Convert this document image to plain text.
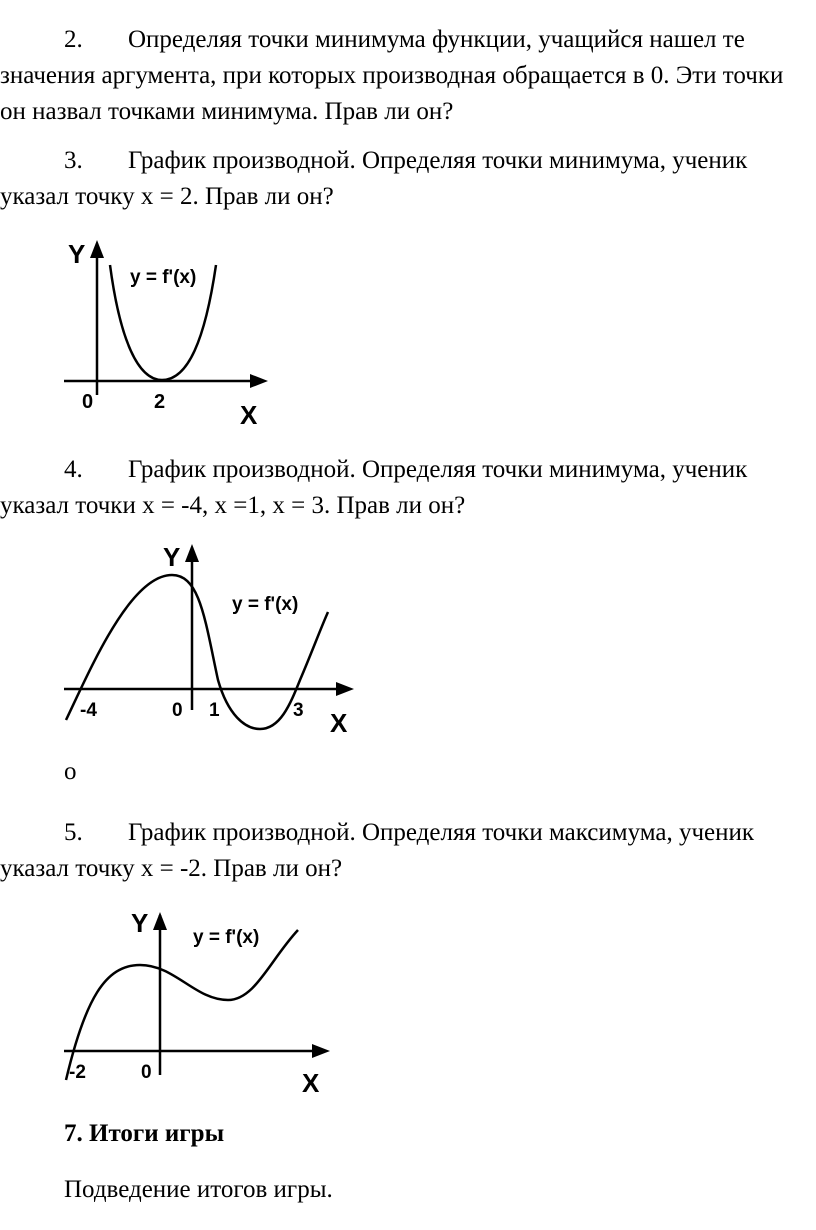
2. Определяя точки минимума функции, учащийся нашел те
значения аргумента, при которых производная обращается в 0. Эти точки
он назвал точками минимума. Прав ли он?
3. График производной. Определяя точки минимума, ученик
указал точку х = 2. Прав ли он?
Y
X
0	2
y = f'(x)
4. График производной. Определяя точки минимума, ученик
указал точки х = -4, х =1, х = 3. Прав ли он?
Y
X
-4	0 1	3
y = f'(x)
о
5. График производной. Определяя точки максимума, ученик
указал точку х = -2. Прав ли он?
Y
X
-2	0
y = f'(x)
7. Итоги игры
Подведение итогов игры.
